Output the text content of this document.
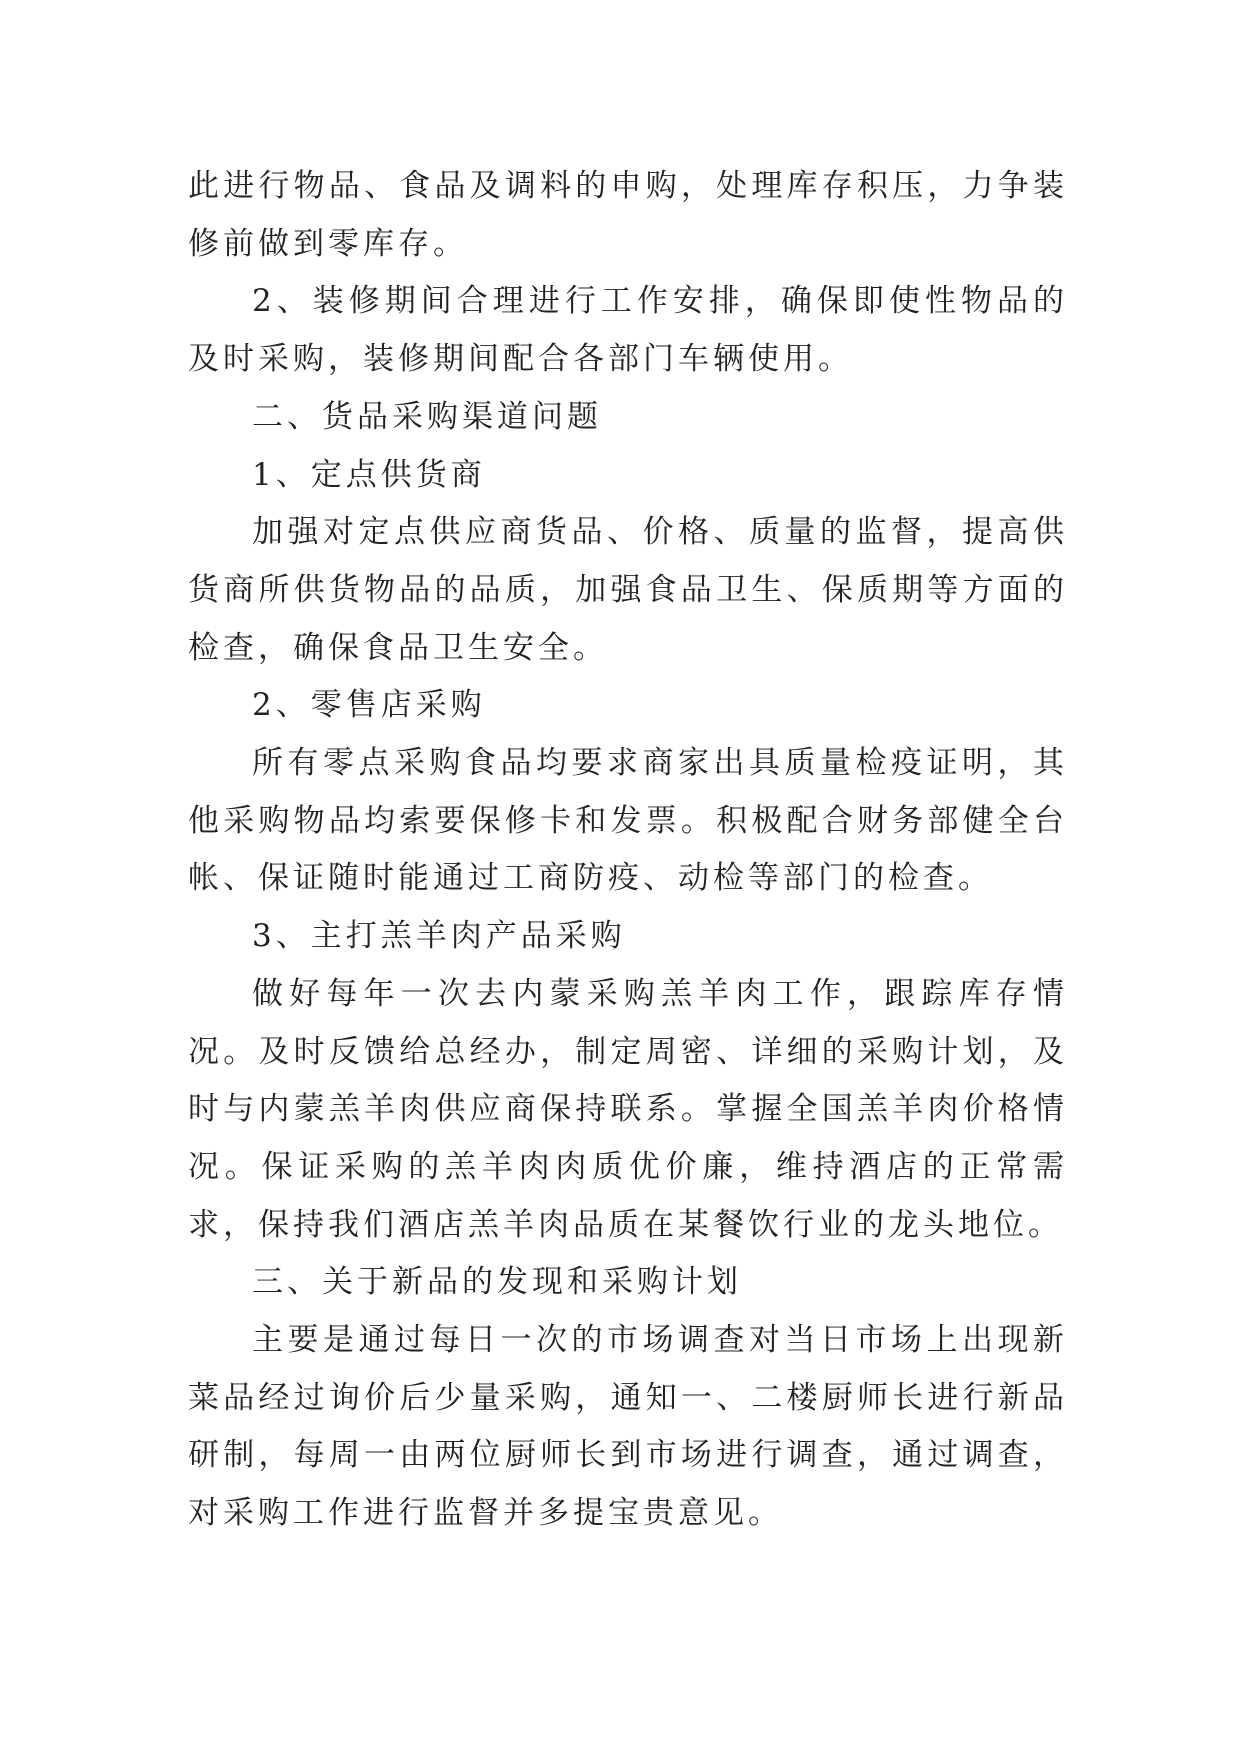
此进行物品、食品及调料的申购，处理库存积压，力争装修前做到零库存。

2、装修期间合理进行工作安排，确保即使性物品的及时采购，装修期间配合各部门车辆使用。

二、货品采购渠道问题

1、定点供货商

加强对定点供应商货品、价格、质量的监督，提高供货商所供货物品的品质，加强食品卫生、保质期等方面的检查，确保食品卫生安全。

2、零售店采购

所有零点采购食品均要求商家出具质量检疫证明，其他采购物品均索要保修卡和发票。积极配合财务部健全台帐、保证随时能通过工商防疫、动检等部门的检查。

3、主打羔羊肉产品采购

做好每年一次去内蒙采购羔羊肉工作，跟踪库存情况。及时反馈给总经办，制定周密、详细的采购计划，及时与内蒙羔羊肉供应商保持联系。掌握全国羔羊肉价格情况。保证采购的羔羊肉肉质优价廉，维持酒店的正常需求，保持我们酒店羔羊肉品质在某餐饮行业的龙头地位。

三、关于新品的发现和采购计划

主要是通过每日一次的市场调查对当日市场上出现新菜品经过询价后少量采购，通知一、二楼厨师长进行新品研制，每周一由两位厨师长到市场进行调查，通过调查，对采购工作进行监督并多提宝贵意见。
